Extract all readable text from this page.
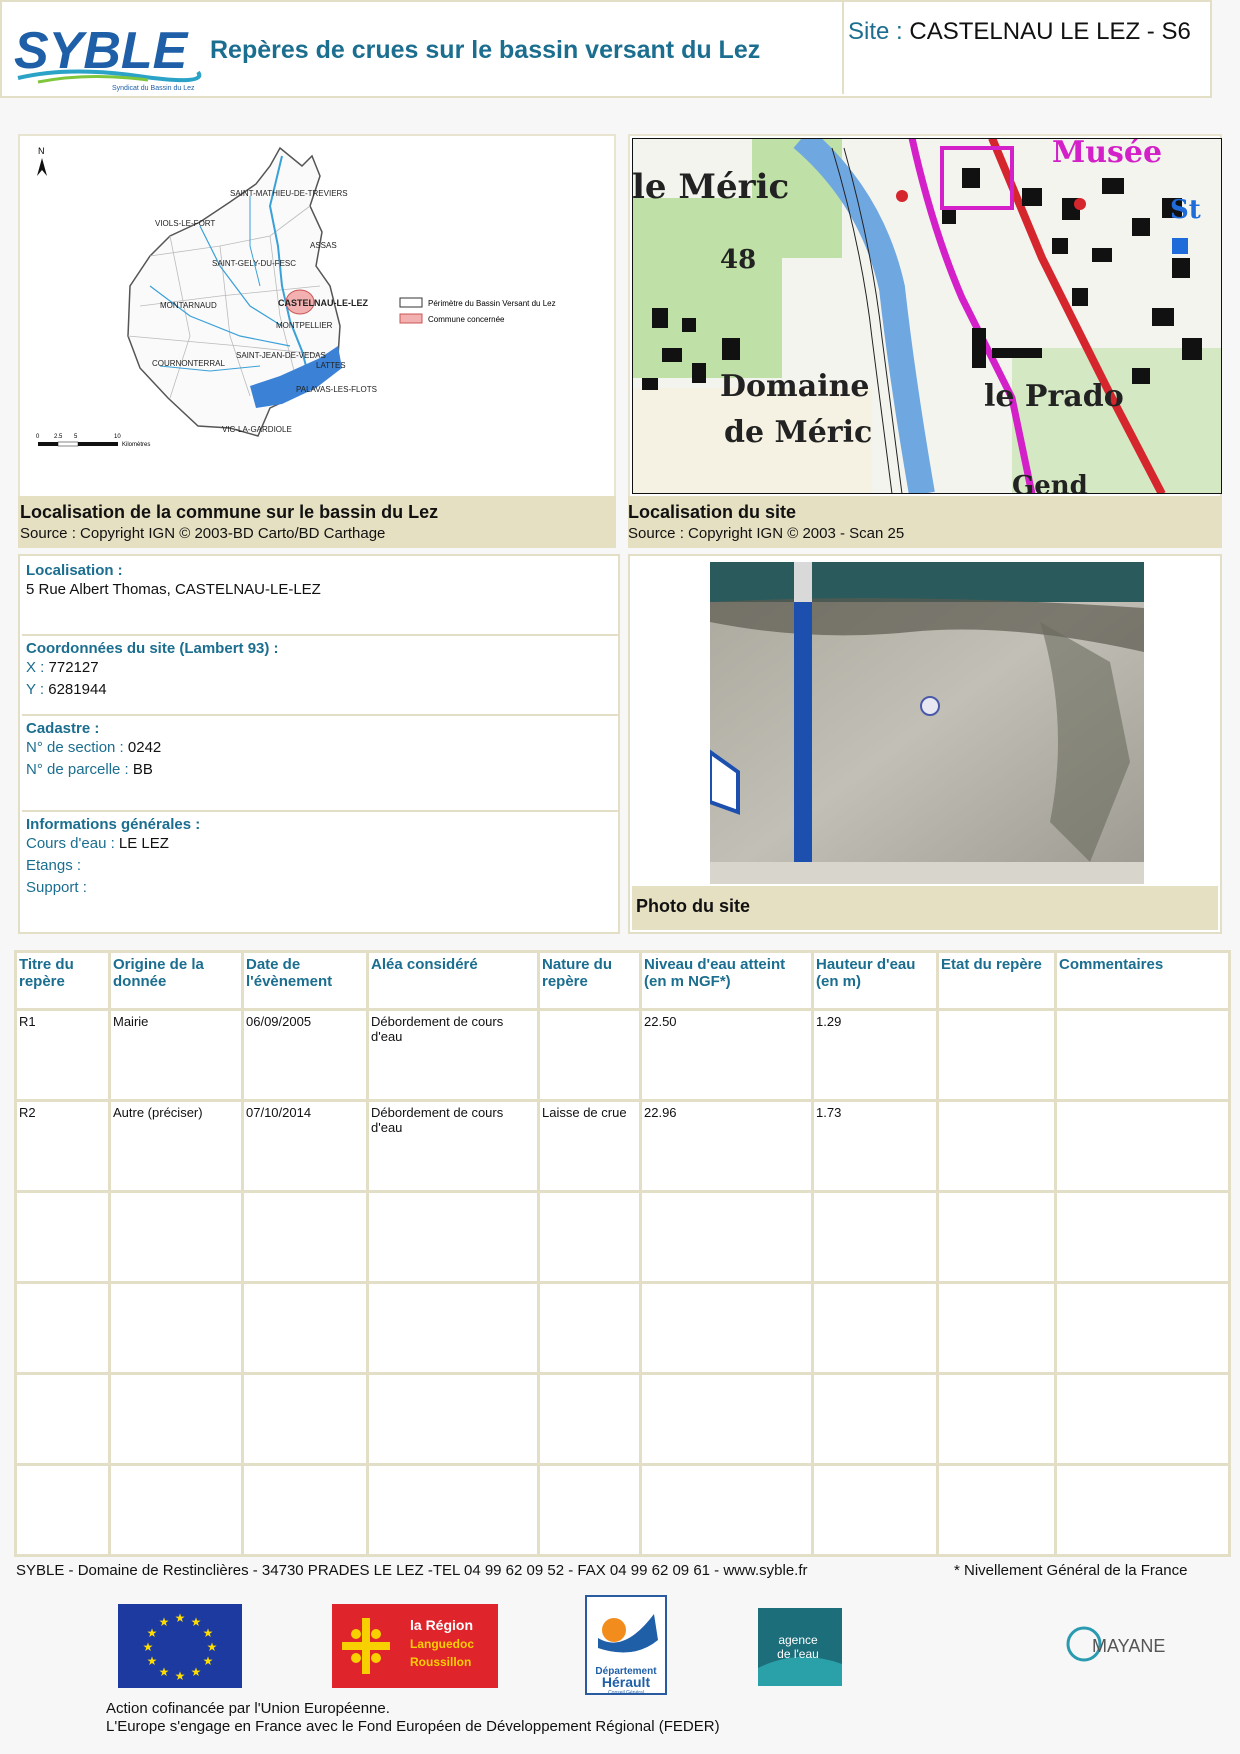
SYBLE
Syndicat du Bassin du Lez
Repères de crues sur le bassin versant du Lez
Site : CASTELNAU LE LEZ - S6
N
SAINT-MATHIEU-DE-TREVIERS
VIOLS-LE-FORT
ASSAS
SAINT-GELY-DU-FESC
MONTARNAUD	CASTELNAU-LE-LEZ
MONTPELLIER
SAINT-JEAN-DE-VEDAS
LATTES
COURNONTERRAL
PALAVAS-LES-FLOTS
VIC-LA-GARDIOLE
Périmètre du Bassin Versant du Lez
Commune concernée
0 2.5 5	10
Kilomètres
Localisation de la commune sur le bassin du Lez
Source : Copyright IGN © 2003-BD Carto/BD Carthage
le Méric
48
Domaine
de Méric
le Prado
Gend
Musée
St
Localisation du site
Source : Copyright IGN © 2003 - Scan 25
Localisation :
5 Rue Albert Thomas, CASTELNAU-LE-LEZ
Coordonnées du site (Lambert 93) :
X : 772127
Y : 6281944
Cadastre :
N° de section : 0242
N° de parcelle : BB
Informations générales :
Cours d'eau : LE LEZ
Etangs :
Support :
Photo du site
Titre du repère	Origine de la donnée	Date de l'évènement	Aléa considéré	Nature du repère	Niveau d'eau atteint (en m NGF*)	Hauteur d'eau (en m)	Etat du repère	Commentaires
R1	Mairie	06/09/2005	Débordement de cours d'eau		22.50	1.29		
R2	Autre (préciser)	07/10/2014	Débordement de cours d'eau	Laisse de crue	22.96	1.73		

SYBLE - Domaine de Restinclières - 34730 PRADES LE LEZ -TEL 04 99 62 09 52 - FAX 04 99 62 09 61 - www.syble.fr	* Nivellement Général de la France
★ ★
★
★
★
★
★
★
★
★
★
★	la Région
Languedoc
Roussillon
Département
Hérault
Conseil Général
agence
de l'eau	MAYANE
Action cofinancée par l'Union Européenne.
L'Europe s'engage en France avec le Fond Européen de Développement Régional (FEDER)
